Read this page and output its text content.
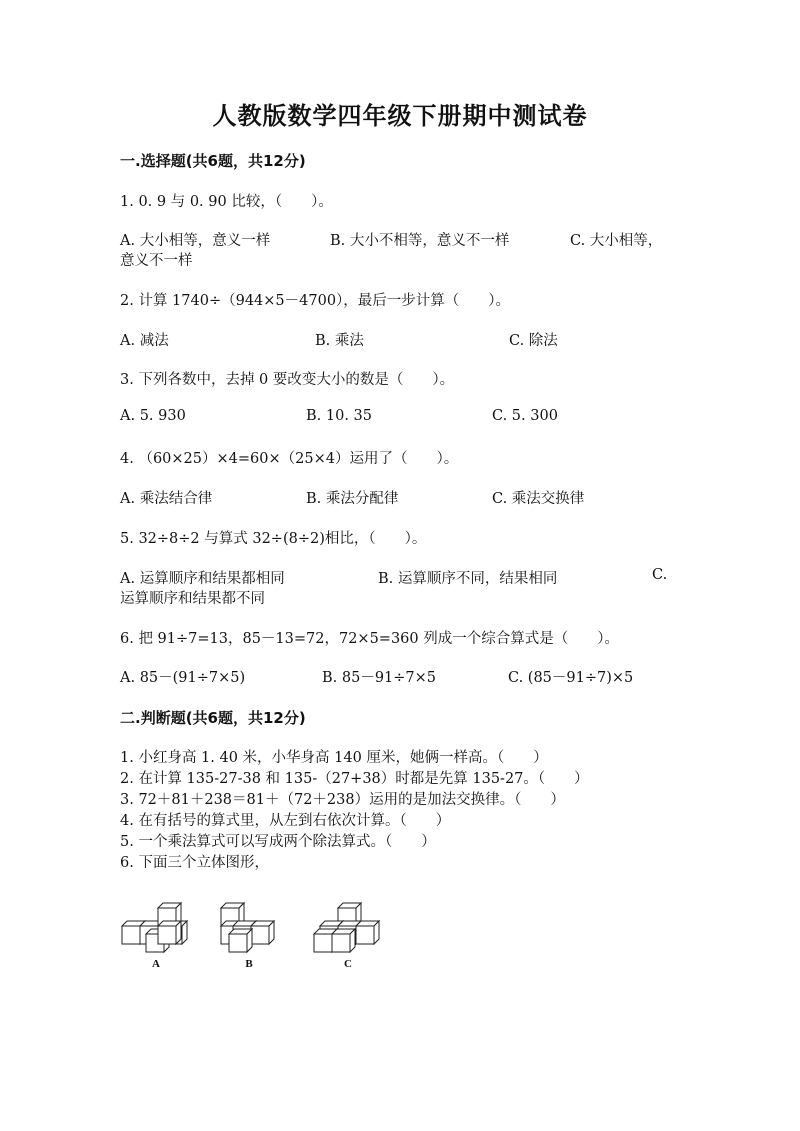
人教版数学四年级下册期中测试卷
一.选择题(共6题，共12分)
1. 0. 9 与 0. 90 比较，（　　）。
A. 大小相等，意义一样	B. 大小不相等，意义不一样	C. 大小相等，
意义不一样
2. 计算 1740÷（944×5－4700），最后一步计算（　　）。
A. 减法	B. 乘法	C. 除法
3. 下列各数中，去掉 0 要改变大小的数是（　　）。
A. 5. 930	B. 10. 35	C. 5. 300
4. （60×25）×4=60×（25×4）运用了（　　）。
A. 乘法结合律	B. 乘法分配律	C. 乘法交换律
5. 32÷8÷2 与算式 32÷(8÷2)相比，（　　）。
A. 运算顺序和结果都相同	B. 运算顺序不同，结果相同	C.
运算顺序和结果都不同
6. 把 91÷7=13，85－13=72，72×5=360 列成一个综合算式是（　　）。
A. 85－(91÷7×5)	B. 85－91÷7×5	C. (85－91÷7)×5
二.判断题(共6题，共12分)
1. 小红身高 1. 40 米，小华身高 140 厘米，她俩一样高。（　　）
2. 在计算 135-27-38 和 135-（27+38）时都是先算 135-27。（　　）
3. 72＋81＋238＝81＋（72＋238）运用的是加法交换律。（　　）
4. 在有括号的算式里，从左到右依次计算。（　　）
5. 一个乘法算式可以写成两个除法算式。（　　）
6. 下面三个立体图形，
A	B	C
